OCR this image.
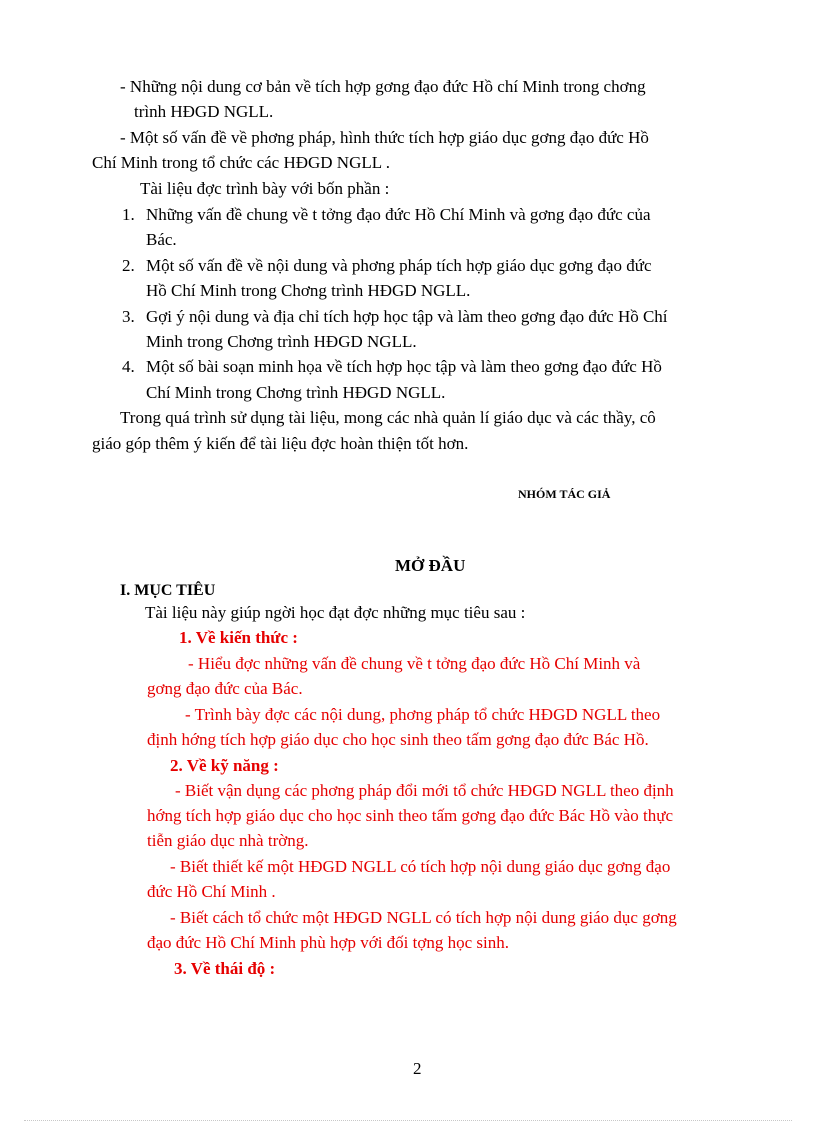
- Những nội dung cơ bản về tích hợp gơng đạo đức Hồ chí Minh trong chơng
trình HĐGD NGLL.
- Một số vấn đề về phơng pháp, hình thức tích hợp giáo dục gơng đạo đức Hồ
Chí Minh trong tổ chức các HĐGD NGLL .
Tài liệu đợc trình bày với bốn phần :
1. Những vấn đề chung về t tởng đạo đức Hồ Chí Minh và gơng đạo đức của
Bác.
2. Một số vấn đề về nội dung và phơng pháp tích hợp giáo dục gơng đạo đức
Hồ Chí Minh trong Chơng trình HĐGD NGLL.
3. Gợi ý nội dung và địa chỉ tích hợp học tập và làm theo gơng đạo đức Hồ Chí
Minh trong Chơng trình HĐGD NGLL.
4. Một số bài soạn minh họa về tích hợp học tập và làm theo gơng đạo đức Hồ
Chí Minh trong Chơng trình HĐGD NGLL.
Trong quá trình sử dụng tài liệu, mong các nhà quản lí giáo dục và các thầy, cô
giáo góp thêm ý kiến để tài liệu đợc hoàn thiện tốt hơn.
NHÓM TÁC GIẢ
MỞ ĐẦU
I. MỤC TIÊU
Tài liệu này giúp ngời học đạt đợc những mục tiêu sau :
1. Về kiến thức :
- Hiểu đợc những vấn đề chung về t tởng đạo đức Hồ Chí Minh và
gơng đạo đức của Bác.
- Trình bày đợc các nội dung, phơng pháp tổ chức HĐGD NGLL theo
định hớng tích hợp giáo dục cho học sinh theo tấm gơng đạo đức Bác Hồ.
2. Về kỹ năng :
- Biết vận dụng các phơng pháp đổi mới tổ chức HĐGD NGLL theo định
hớng tích hợp giáo dục cho học sinh theo tấm gơng đạo đức Bác Hồ vào thực
tiễn giáo dục nhà trờng.
- Biết thiết kế một HĐGD NGLL có tích hợp nội dung giáo dục gơng đạo
đức Hồ Chí Minh .
- Biết cách tổ chức một HĐGD NGLL có tích hợp nội dung giáo dục gơng
đạo đức Hồ Chí Minh phù hợp với đối tợng học sinh.
3. Về thái độ :
2
